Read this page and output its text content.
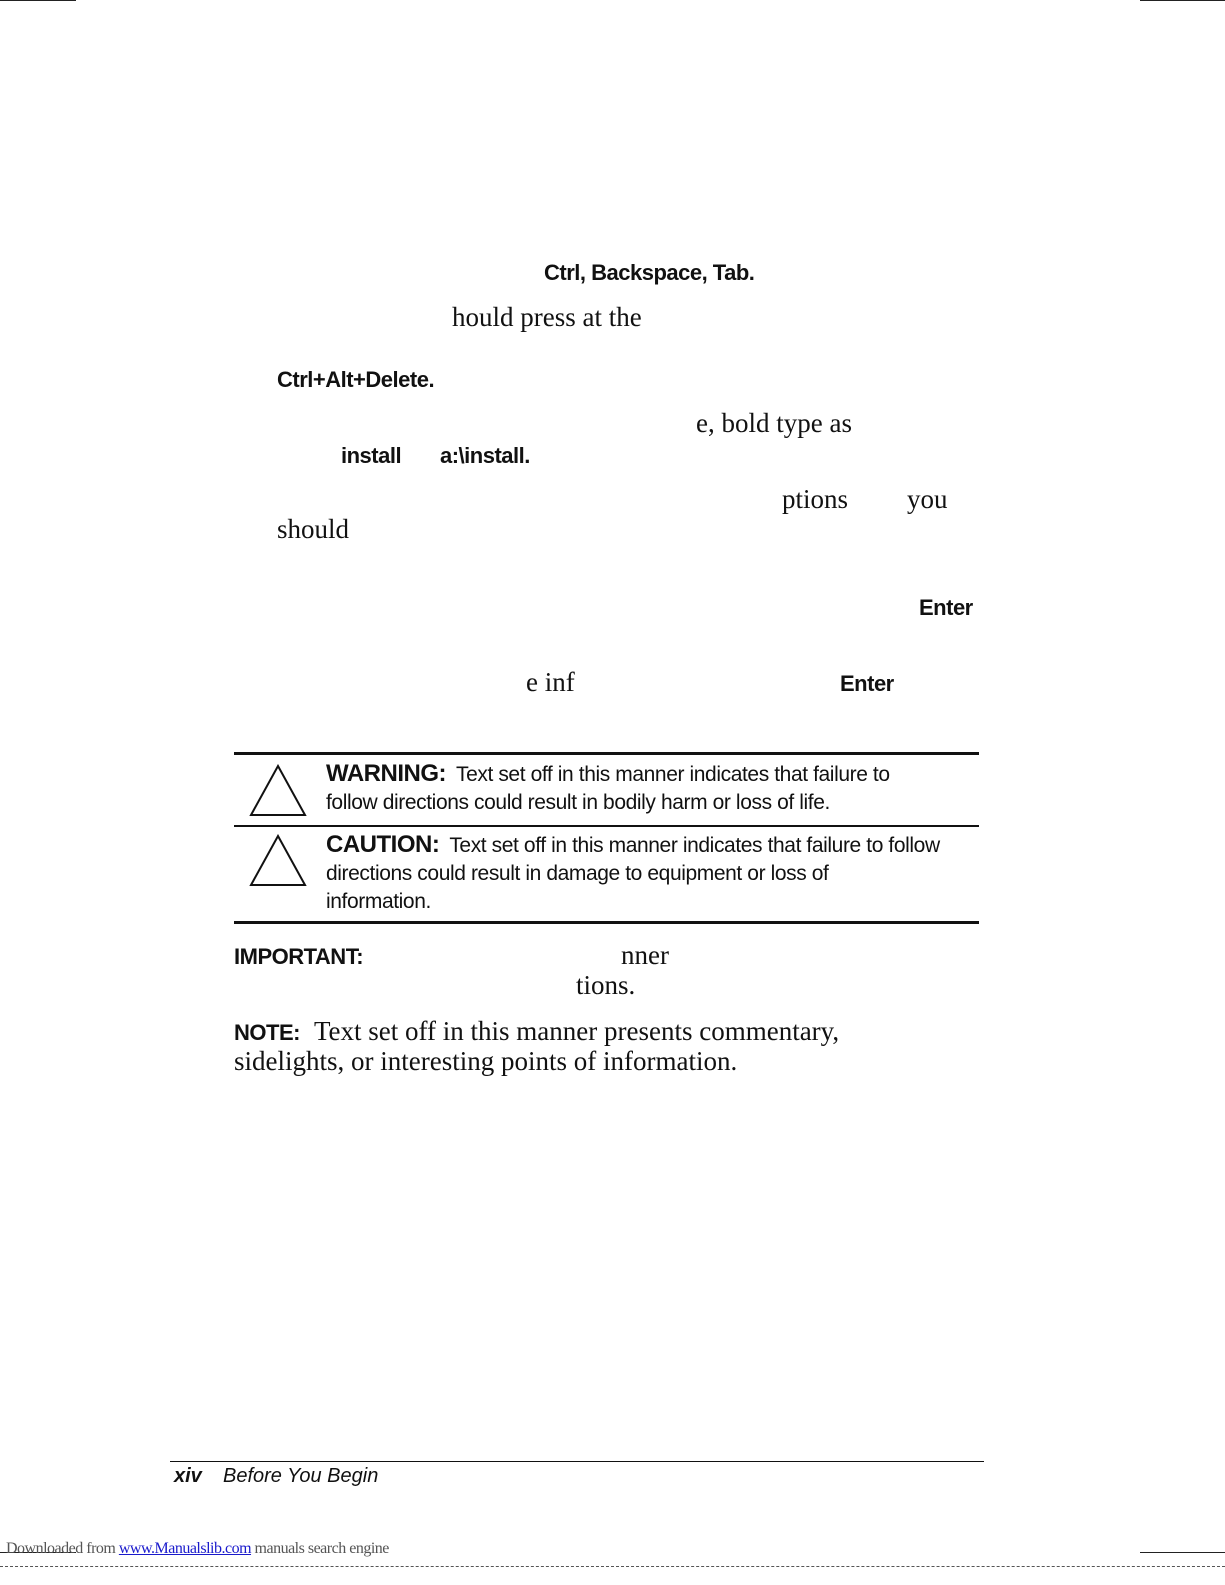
Ctrl, Backspace, Tab.
hould press at the
Ctrl+Alt+Delete.
e, bold type as
install a:\install.
ptions you
should
Enter
e inf	Enter
WARNING: Text set off in this manner indicates that failure to
follow directions could result in bodily harm or loss of life.
CAUTION: Text set off in this manner indicates that failure to follow
directions could result in damage to equipment or loss of
information.
IMPORTANT:	nner
tions.
NOTE: Text set off in this manner presents commentary,
sidelights, or interesting points of information.
xiv Before You Begin
Downloaded from www.Manualslib.com manuals search engine
